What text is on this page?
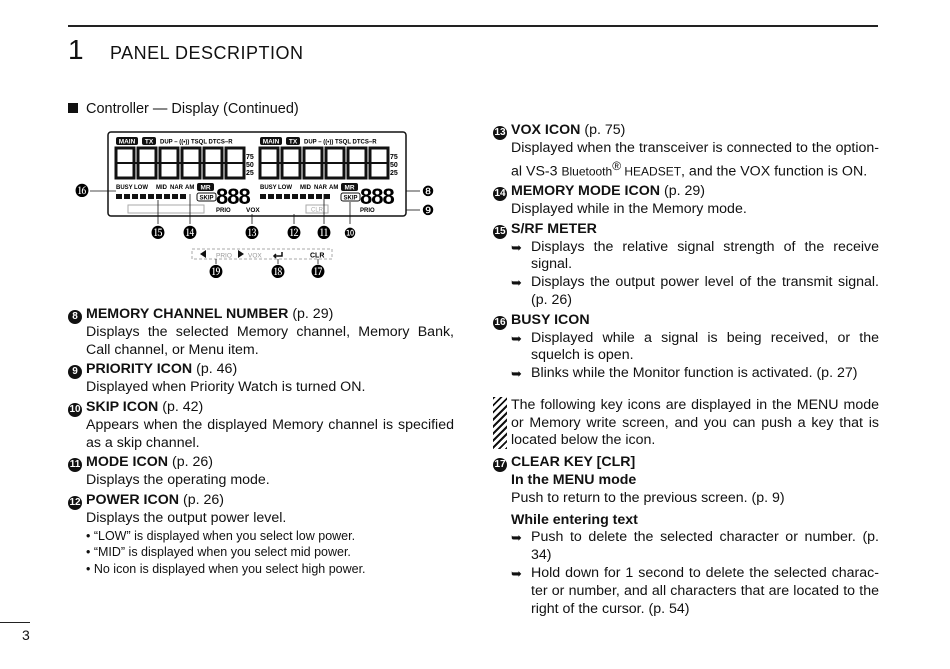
1 PANEL DESCRIPTION
Controller — Display (Continued)
MAIN TX DUP – ((•)) TSQL DTCS–R
75
50
25
BUSY LOW MID NAR AM MR 888
SKIP
PRIO VOX
MAIN TX DUP – ((•)) TSQL DTCS–R
75
50
25
BUSY LOW MID NAR AM MR 888
SKIP
PRIO
CLR
⓰
⓯ ⓮	⓭ ⓬ ⓫ ❿
❽
❾
PRIO VOX	CLR
⓳	⓲ ⓱
8 MEMORY CHANNEL NUMBER (p. 29)
Displays the selected Memory channel, Memory Bank, Call channel, or Menu item.
9 PRIORITY ICON (p. 46)
Displayed when Priority Watch is turned ON.
10 SKIP ICON (p. 42)
Appears when the displayed Memory channel is specified as a skip channel.
11 MODE ICON (p. 26)
Displays the operating mode.
12 POWER ICON (p. 26)
Displays the output power level.
• “LOW” is displayed when you select low power.
• “MID” is displayed when you select mid power.
• No icon is displayed when you select high power.
13 VOX ICON (p. 75)
Displayed when the transceiver is connected to the option-al VS-3 Bluetooth® HEADSET, and the VOX function is ON.
14 MEMORY MODE ICON (p. 29)
Displayed while in the Memory mode.
15 S/RF METER
➥ Displays the relative signal strength of the receive signal.
➥ Displays the output power level of the transmit signal. (p. 26)
16 BUSY ICON
➥ Displayed while a signal is being received, or the squelch is open.
➥ Blinks while the Monitor function is activated. (p. 27)
The following key icons are displayed in the MENU mode or Memory write screen, and you can push a key that is located below the icon.
17 CLEAR KEY [CLR]
In the MENU mode
Push to return to the previous screen. (p. 9)
While entering text
➥ Push to delete the selected character or number. (p. 34)
➥ Hold down for 1 second to delete the selected charac-ter or number, and all characters that are located to the right of the cursor. (p. 54)
3
